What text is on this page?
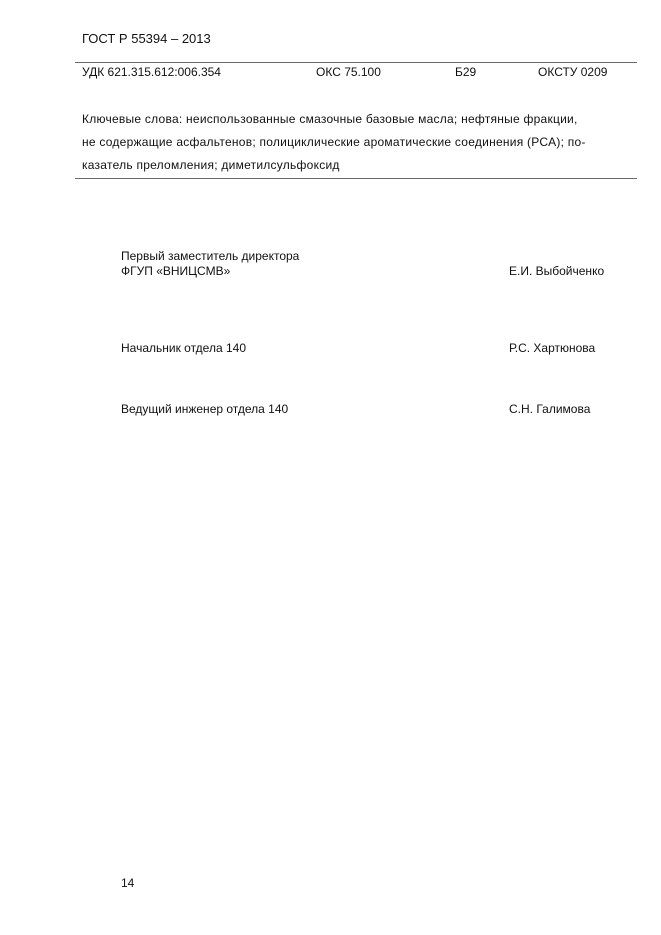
ГОСТ Р 55394 – 2013
УДК 621.315.612:006.354	ОКС 75.100	Б29	ОКСТУ 0209
Ключевые слова: неиспользованные смазочные базовые масла; нефтяные фракции,
не содержащие асфальтенов; полициклические ароматические соединения (РСА); по-
казатель преломления; диметилсульфоксид
Первый заместитель директора
ФГУП «ВНИЦСМВ»	Е.И. Выбойченко
Начальник отдела 140	Р.С. Хартюнова
Ведущий инженер отдела 140	С.Н. Галимова
14
